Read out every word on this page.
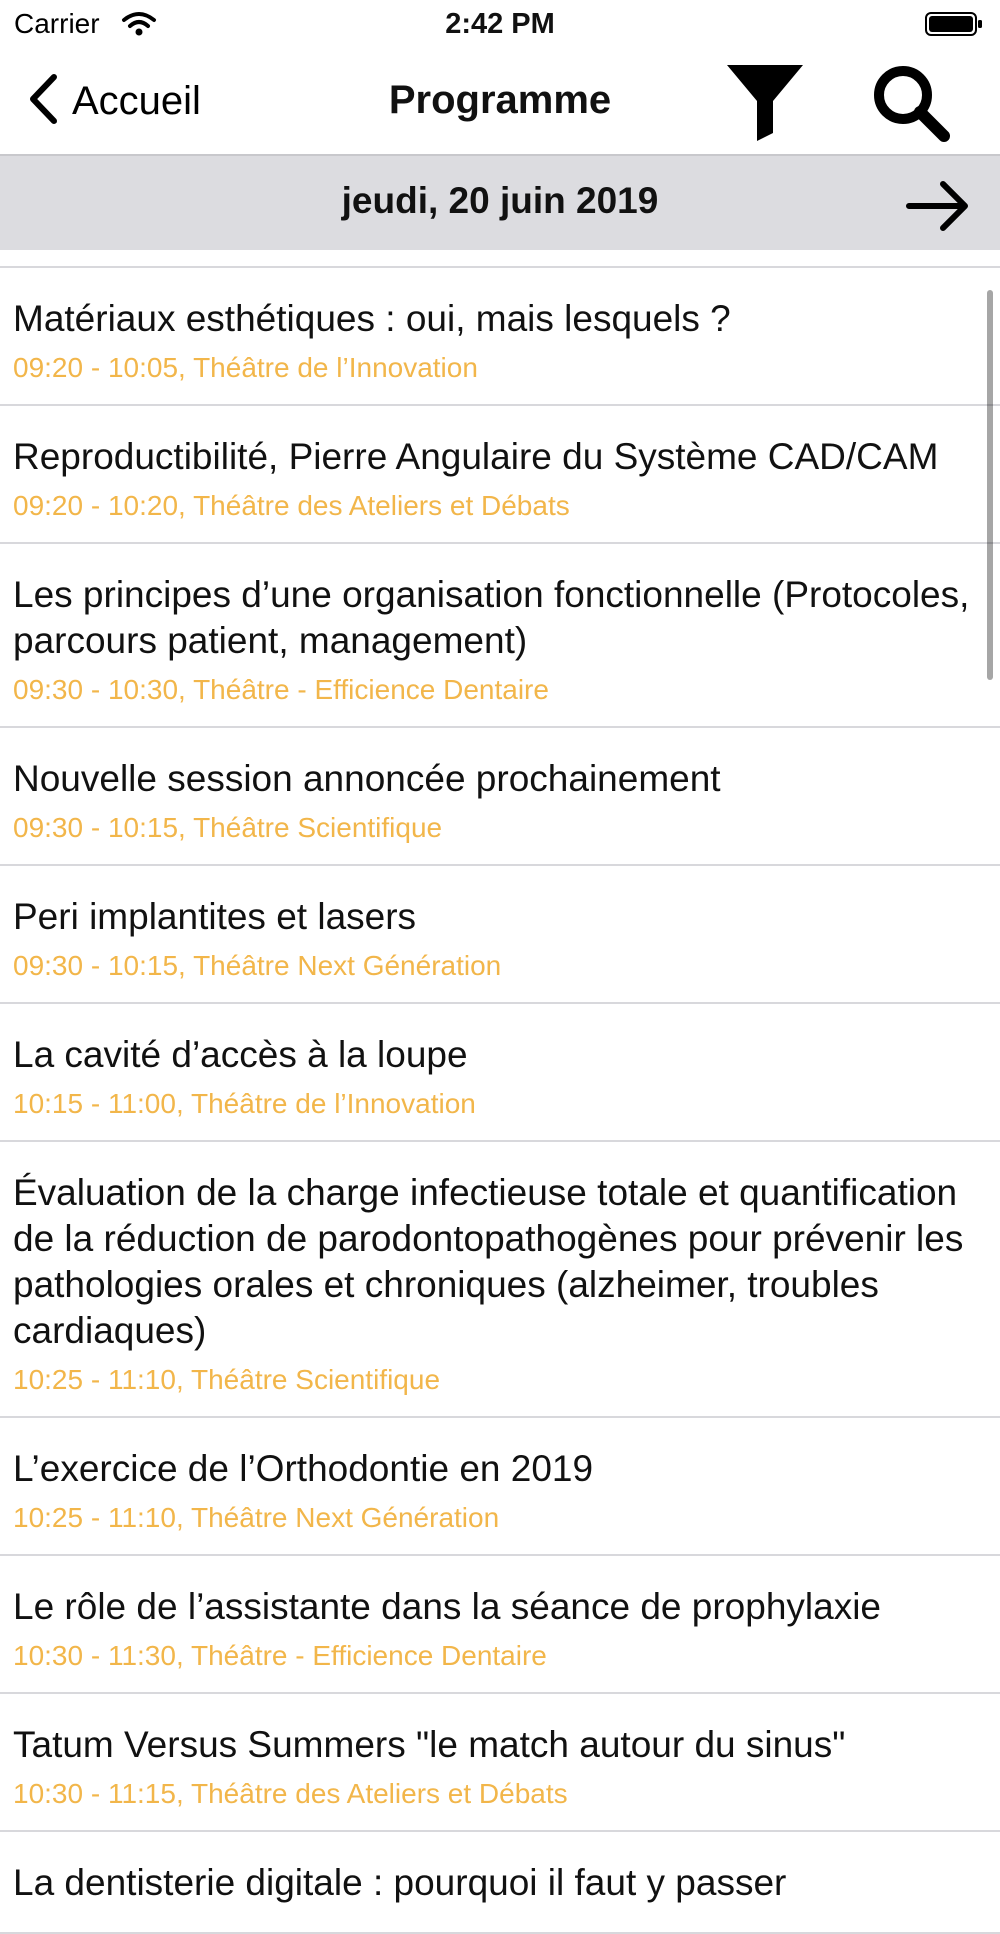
Carrier	2:42 PM
Accueil	Programme
jeudi, 20 juin 2019
Matériaux esthétiques : oui, mais lesquels ?
09:20 - 10:05, Théâtre de l’Innovation
Reproductibilité, Pierre Angulaire du Système CAD/CAM
09:20 - 10:20, Théâtre des Ateliers et Débats
Les principes d’une organisation fonctionnelle (Protocoles, parcours patient, management)
09:30 - 10:30, Théâtre - Efficience Dentaire
Nouvelle session annoncée prochainement
09:30 - 10:15, Théâtre Scientifique
Peri implantites et lasers
09:30 - 10:15, Théâtre Next Génération
La cavité d’accès à la loupe
10:15 - 11:00, Théâtre de l’Innovation
Évaluation de la charge infectieuse totale et quantification de la réduction de parodontopathogènes pour prévenir les pathologies orales et chroniques (alzheimer, troubles cardiaques)
10:25 - 11:10, Théâtre Scientifique
L’exercice de l’Orthodontie en 2019
10:25 - 11:10, Théâtre Next Génération
Le rôle de l’assistante dans la séance de prophylaxie
10:30 - 11:30, Théâtre - Efficience Dentaire
Tatum Versus Summers "le match autour du sinus"
10:30 - 11:15, Théâtre des Ateliers et Débats
La dentisterie digitale : pourquoi il faut y passer
